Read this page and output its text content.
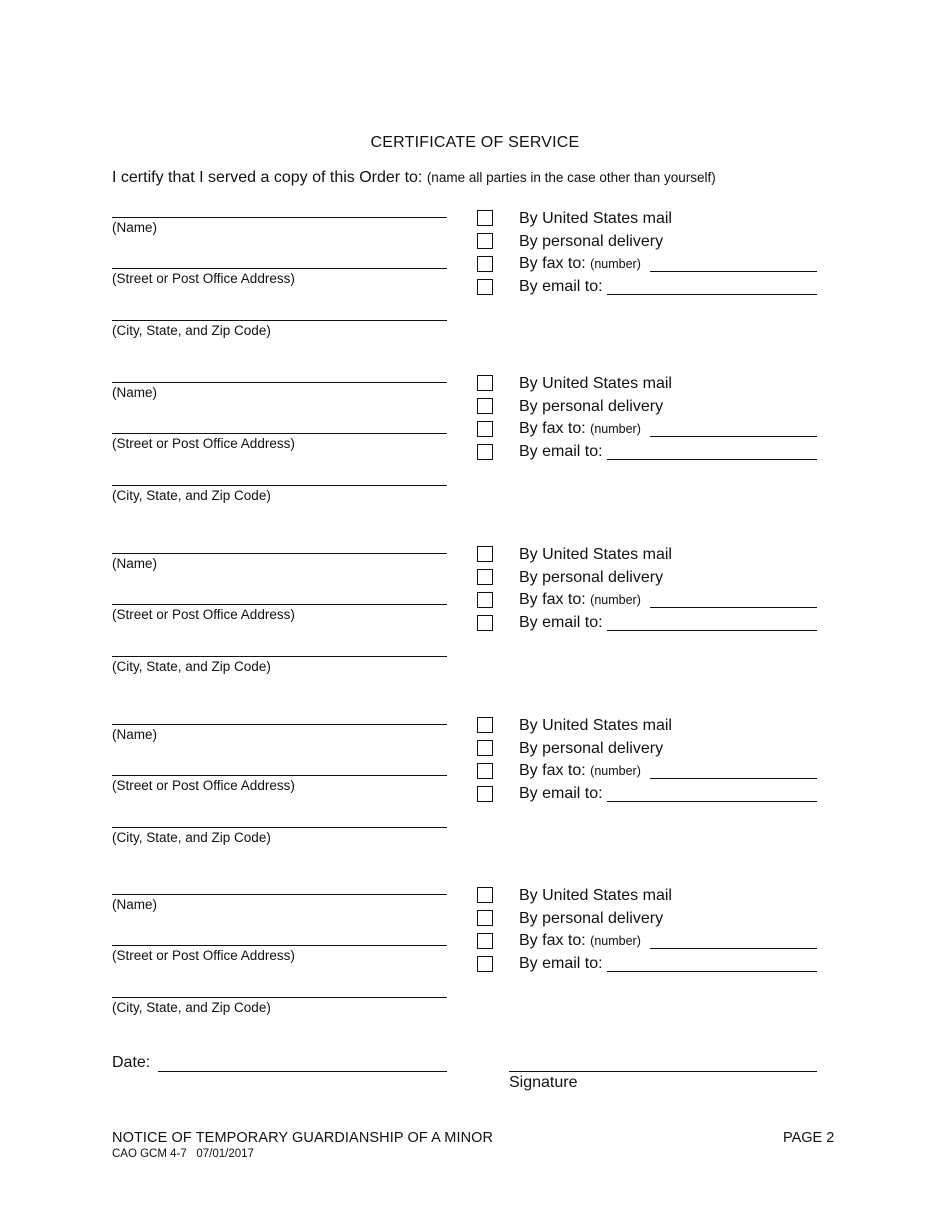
CERTIFICATE OF SERVICE
I certify that I served a copy of this Order to: (name all parties in the case other than yourself)
(Name)
(Street or Post Office Address)
(City, State, and Zip Code)
By United States mail
By personal delivery
By fax to: (number)
By email to:
(Name)
(Street or Post Office Address)
(City, State, and Zip Code)
By United States mail
By personal delivery
By fax to: (number)
By email to:
(Name)
(Street or Post Office Address)
(City, State, and Zip Code)
By United States mail
By personal delivery
By fax to: (number)
By email to:
(Name)
(Street or Post Office Address)
(City, State, and Zip Code)
By United States mail
By personal delivery
By fax to: (number)
By email to:
(Name)
(Street or Post Office Address)
(City, State, and Zip Code)
By United States mail
By personal delivery
By fax to: (number)
By email to:
Date:
Signature
NOTICE OF TEMPORARY GUARDIANSHIP OF A MINOR
CAO GCM 4-7   07/01/2017
PAGE 2
